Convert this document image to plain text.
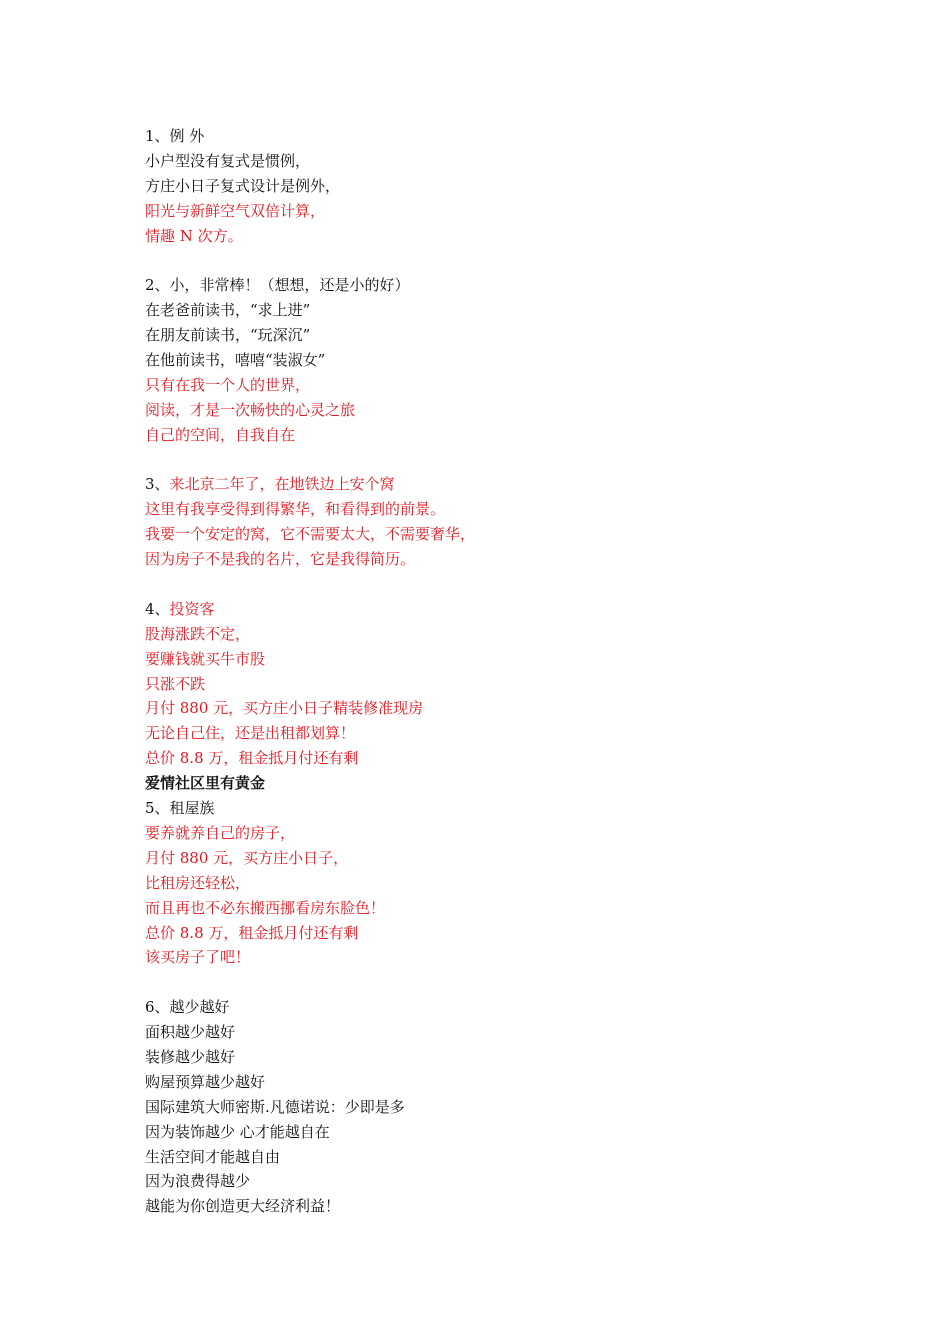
1、例 外
小户型没有复式是惯例，
方庄小日子复式设计是例外，
阳光与新鲜空气双倍计算，
情趣 N 次方。
2、小，非常棒！（想想，还是小的好）
在老爸前读书，“求上进”
在朋友前读书，“玩深沉”
在他前读书，嘻嘻“装淑女”
只有在我一个人的世界，
阅读，才是一次畅快的心灵之旅
自己的空间，自我自在
3、来北京二年了，在地铁边上安个窝
这里有我享受得到得繁华，和看得到的前景。
我要一个安定的窝，它不需要太大，不需要奢华，
因为房子不是我的名片，它是我得简历。
4、投资客
股海涨跌不定，
要赚钱就买牛市股
只涨不跌
月付 880 元，买方庄小日子精装修准现房
无论自己住，还是出租都划算！
总价 8.8 万，租金抵月付还有剩
爱情社区里有黄金
5、租屋族
要养就养自己的房子，
月付 880 元，买方庄小日子，
比租房还轻松，
而且再也不必东搬西挪看房东脸色！
总价 8.8 万，租金抵月付还有剩
该买房子了吧！
6、越少越好
面积越少越好
装修越少越好
购屋预算越少越好
国际建筑大师密斯.凡德诺说：少即是多
因为装饰越少 心才能越自在
生活空间才能越自由
因为浪费得越少
越能为你创造更大经济利益！
